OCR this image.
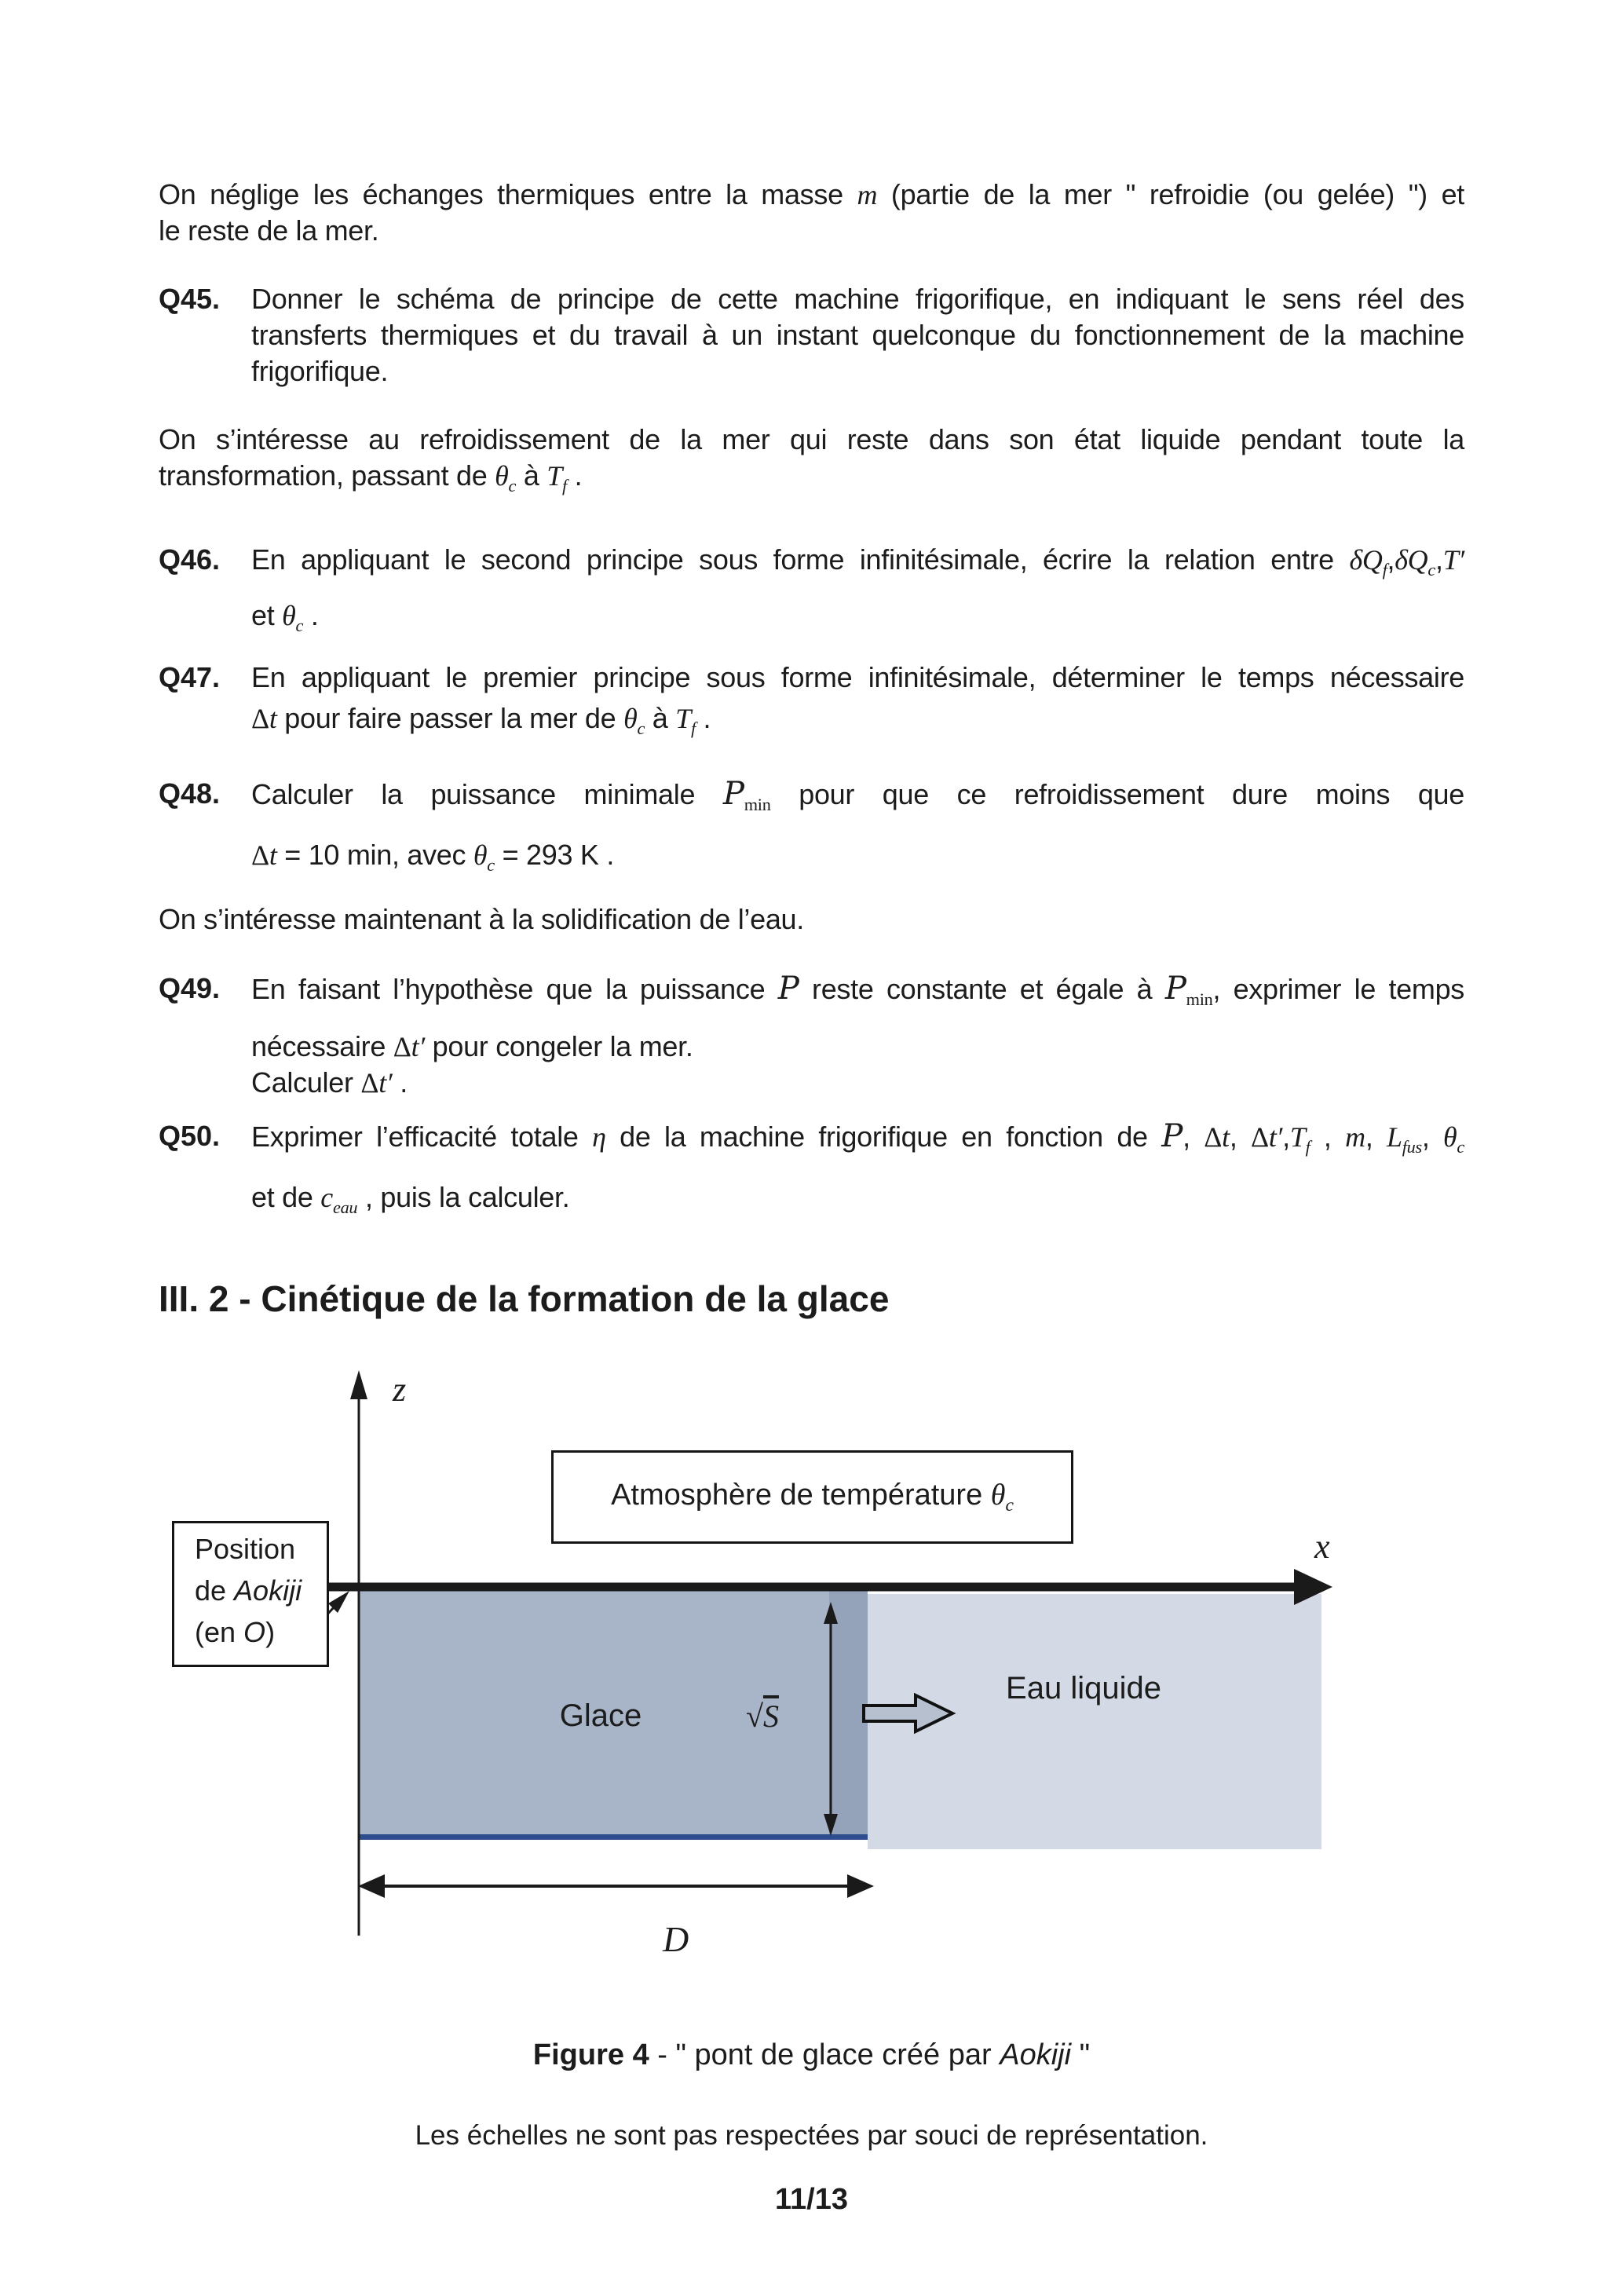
On néglige les échanges thermiques entre la masse m (partie de la mer " refroidie (ou gelée) ") et
le reste de la mer.
Q45. Donner le schéma de principe de cette machine frigorifique, en indiquant le sens réel des
transferts thermiques et du travail à un instant quelconque du fonctionnement de la machine
frigorifique.
On s’intéresse au refroidissement de la mer qui reste dans son état liquide pendant toute la
transformation, passant de $\theta_c$ à $T_f$ .
Q46. En appliquant le second principe sous forme infinitésimale, écrire la relation entre $\delta Q_f,\delta Q_c,T'$
et $\theta_c$ .
Q47. En appliquant le premier principe sous forme infinitésimale, déterminer le temps nécessaire
Δt pour faire passer la mer de $\theta_c$ à $T_f$ .
Q48. Calculer la puissance minimale $P_{min}$ pour que ce refroidissement dure moins que
Δt = 10 min, avec $\theta_c = 293$ K .
On s’intéresse maintenant à la solidification de l’eau.
Q49. En faisant l’hypothèse que la puissance P reste constante et égale à $P_{min}$, exprimer le temps
nécessaire Δt′ pour congeler la mer.
Calculer Δt′ .
Q50. Exprimer l’efficacité totale η de la machine frigorifique en fonction de P, Δt, $\Delta t',T_f$ , m, $L_{fus}$, $\theta_c$
et de $c_{eau}$ , puis la calculer.
III. 2 - Cinétique de la formation de la glace
z
x
Atmosphère de température $\theta_c$
Position
de Aokiji
(en O)
Glace	√S
Eau liquide
D
Figure 4 - " pont de glace créé par Aokiji "
Les échelles ne sont pas respectées par souci de représentation.
11/13
